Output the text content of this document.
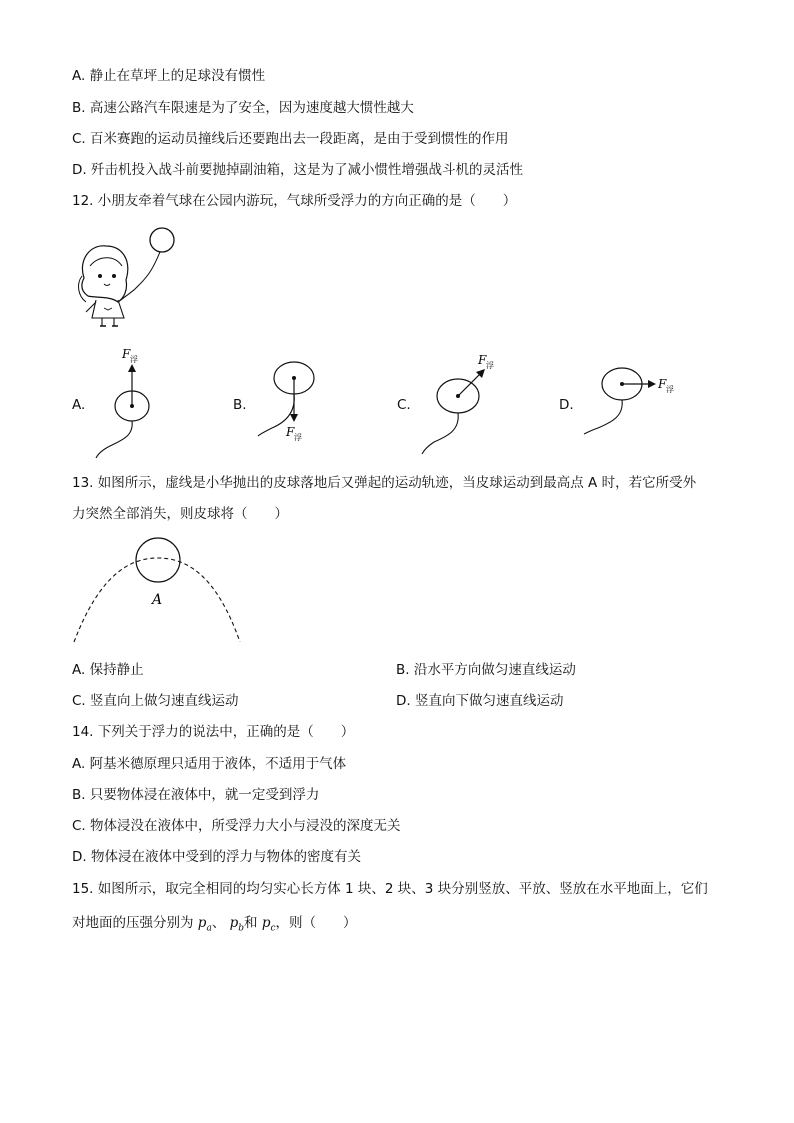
A. 静止在草坪上的足球没有惯性
B. 高速公路汽车限速是为了安全，因为速度越大惯性越大
C. 百米赛跑的运动员撞线后还要跑出去一段距离，是由于受到惯性的作用
D. 歼击机投入战斗前要抛掉副油箱，这是为了减小惯性增强战斗机的灵活性
12. 小朋友牵着气球在公园内游玩，气球所受浮力的方向正确的是（　　）
A.
F 浮
B.
F 浮
C.
F 浮
D.
F 浮
13. 如图所示，虚线是小华抛出的皮球落地后又弹起的运动轨迹，当皮球运动到最高点 A 时，若它所受外
力突然全部消失，则皮球将（　　）
A
A. 保持静止	B. 沿水平方向做匀速直线运动
C. 竖直向上做匀速直线运动	D. 竖直向下做匀速直线运动
14. 下列关于浮力的说法中，正确的是（　　）
A. 阿基米德原理只适用于液体，不适用于气体
B. 只要物体浸在液体中，就一定受到浮力
C. 物体浸没在液体中，所受浮力大小与浸没的深度无关
D. 物体浸在液体中受到的浮力与物体的密度有关
15. 如图所示，取完全相同的均匀实心长方体 1 块、2 块、3 块分别竖放、平放、竖放在水平地面上，它们
对地面的压强分别为 $p_a$、 $p_b$和 $p_c$，则（　　）
